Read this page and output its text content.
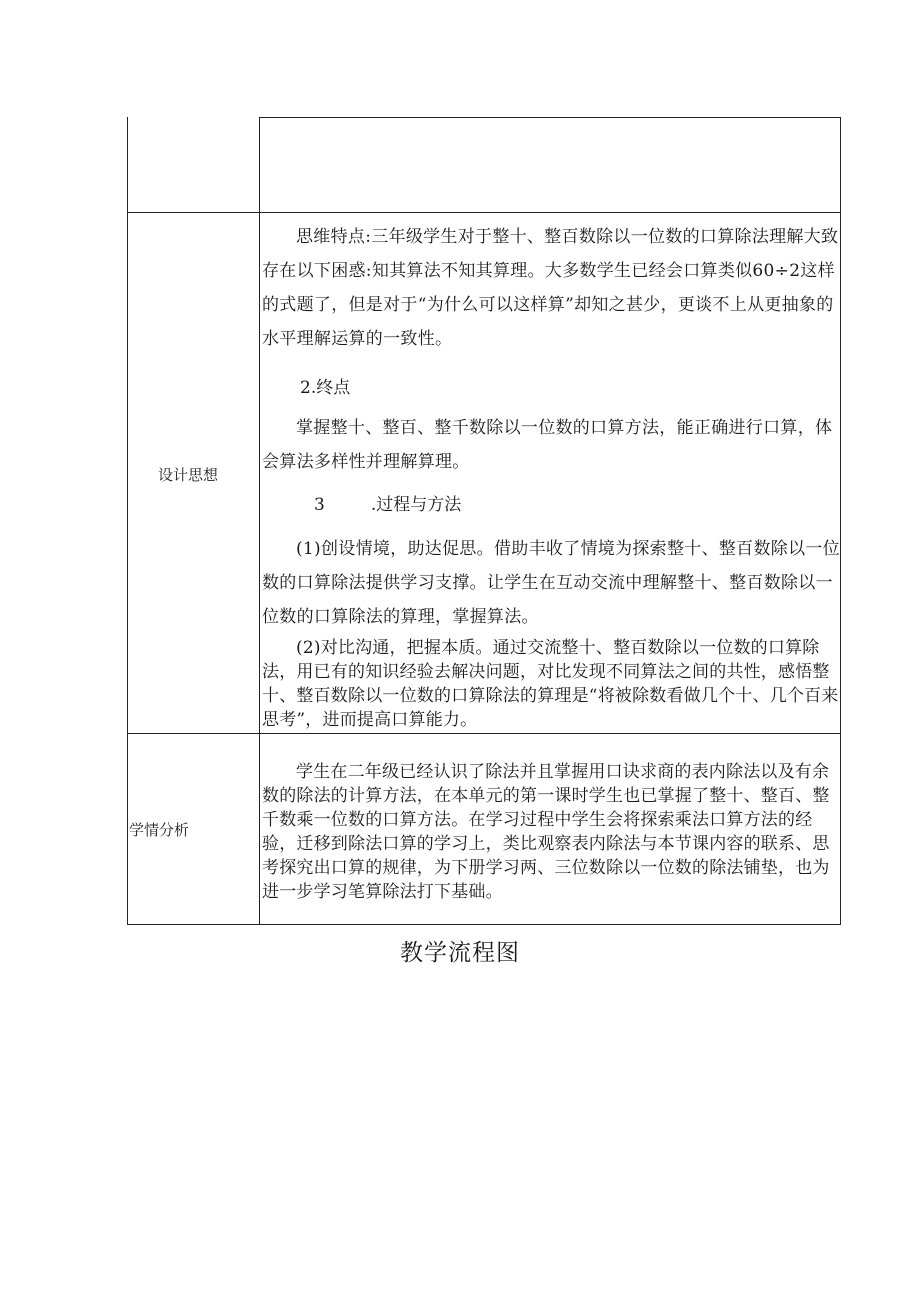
设计思想

思维特点:三年级学生对于整十、整百数除以一位数的口算除法理解大致存在以下困惑:知其算法不知其算理。大多数学生已经会口算类似60÷2这样的式题了，但是对于“为什么可以这样算”却知之甚少，更谈不上从更抽象的水平理解运算的一致性。

2.终点

掌握整十、整百、整千数除以一位数的口算方法，能正确进行口算，体会算法多样性并理解算理。

3	.过程与方法

(1)创设情境，助达促思。借助丰收了情境为探索整十、整百数除以一位数的口算除法提供学习支撑。让学生在互动交流中理解整十、整百数除以一位数的口算除法的算理，掌握算法。

(2)对比沟通，把握本质。通过交流整十、整百数除以一位数的口算除法，用已有的知识经验去解决问题，对比发现不同算法之间的共性，感悟整十、整百数除以一位数的口算除法的算理是“将被除数看做几个十、几个百来思考”，进而提高口算能力。

学情分析

学生在二年级已经认识了除法并且掌握用口诀求商的表内除法以及有余数的除法的计算方法，在本单元的第一课时学生也已掌握了整十、整百、整千数乘一位数的口算方法。在学习过程中学生会将探索乘法口算方法的经验，迁移到除法口算的学习上，类比观察表内除法与本节课内容的联系、思考探究出口算的规律，为下册学习两、三位数除以一位数的除法铺垫，也为进一步学习笔算除法打下基础。

教学流程图
